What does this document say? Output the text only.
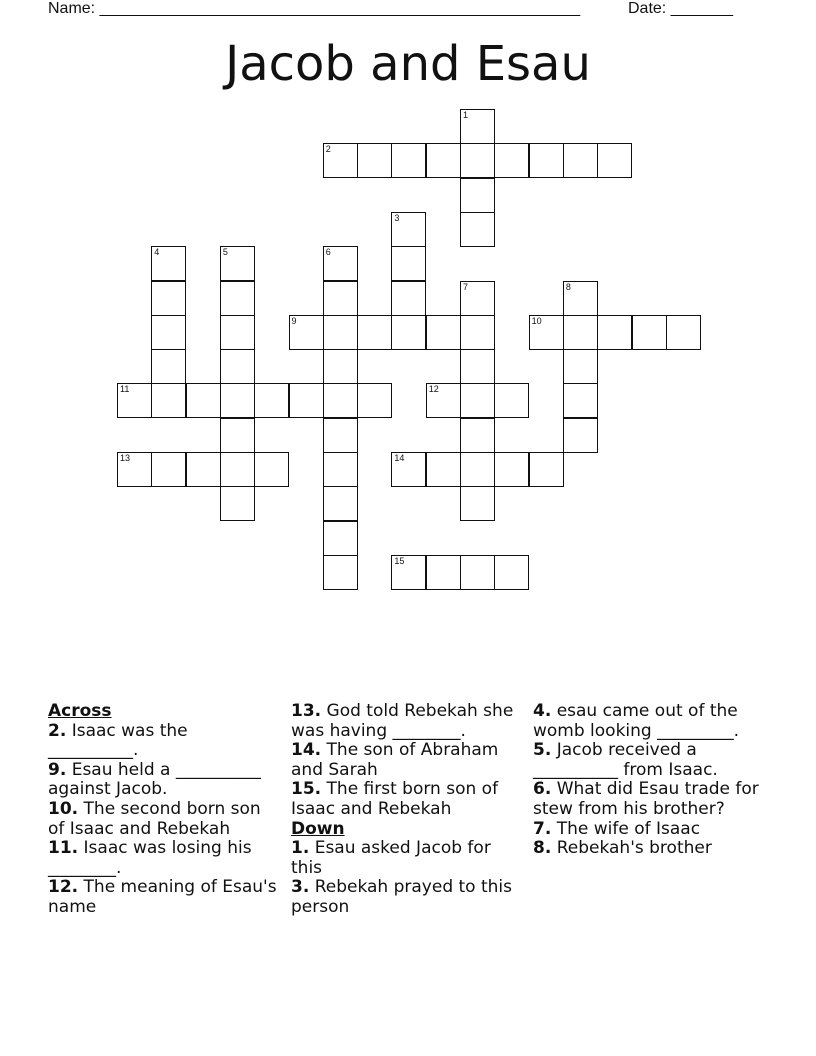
Name: ______________________________________________________	Date: _______
Jacob and Esau
1
2
3
4	5	6
7	8
9	10
11	12
13	14
15
Across
2. Isaac was the __________.
9. Esau held a __________ against Jacob.
10. The second born son of Isaac and Rebekah
11. Isaac was losing his ________.
12. The meaning of Esau's name
13. God told Rebekah she was having ________.
14. The son of Abraham and Sarah
15. The first born son of Isaac and Rebekah
Down
1. Esau asked Jacob for this
3. Rebekah prayed to this person
4. esau came out of the womb looking _________.
5. Jacob received a __________ from Isaac.
6. What did Esau trade for stew from his brother?
7. The wife of Isaac
8. Rebekah's brother
